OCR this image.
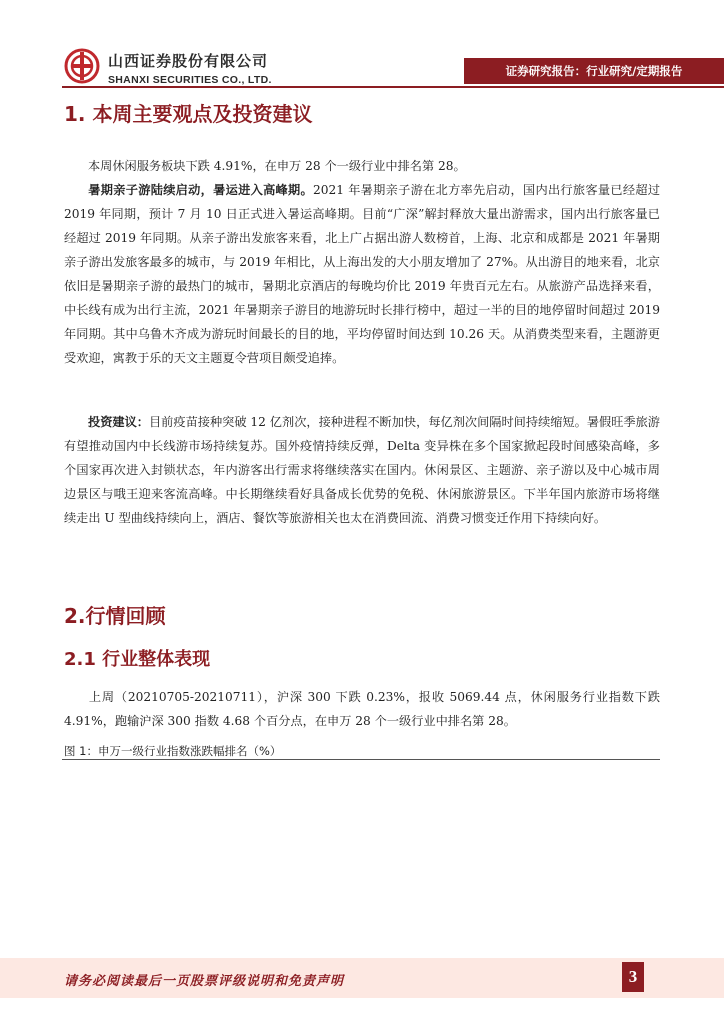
山西证券股份有限公司
SHANXI SECURITIES CO., LTD.
证券研究报告：行业研究/定期报告
1. 本周主要观点及投资建议
本周休闲服务板块下跌 4.91%，在申万 28 个一级行业中排名第 28。
暑期亲子游陆续启动，暑运进入高峰期。2021 年暑期亲子游在北方率先启动，国内出行旅客量已经超过 2019 年同期，预计 7 月 10 日正式进入暑运高峰期。目前“广深”解封释放大量出游需求，国内出行旅客量已经超过 2019 年同期。从亲子游出发旅客来看，北上广占据出游人数榜首，上海、北京和成都是 2021 年暑期亲子游出发旅客最多的城市，与 2019 年相比，从上海出发的大小朋友增加了 27%。从出游目的地来看，北京依旧是暑期亲子游的最热门的城市，暑期北京酒店的每晚均价比 2019 年贵百元左右。从旅游产品选择来看，中长线有成为出行主流，2021 年暑期亲子游目的地游玩时长排行榜中，超过一半的目的地停留时间超过 2019 年同期。其中乌鲁木齐成为游玩时间最长的目的地，平均停留时间达到 10.26 天。从消费类型来看，主题游更受欢迎，寓教于乐的天文主题夏令营项目颇受追捧。
投资建议：目前疫苗接种突破 12 亿剂次，接种进程不断加快，每亿剂次间隔时间持续缩短。暑假旺季旅游有望推动国内中长线游市场持续复苏。国外疫情持续反弹，Delta 变异株在多个国家掀起段时间感染高峰，多个国家再次进入封锁状态，年内游客出行需求将继续落实在国内。休闲景区、主题游、亲子游以及中心城市周边景区与哦王迎来客流高峰。中长期继续看好具备成长优势的免税、休闲旅游景区。下半年国内旅游市场将继续走出 U 型曲线持续向上，酒店、餐饮等旅游相关也太在消费回流、消费习惯变迁作用下持续向好。
2.行情回顾
2.1 行业整体表现
上周（20210705-20210711），沪深 300 下跌 0.23%，报收 5069.44 点，休闲服务行业指数下跌 4.91%，跑输沪深 300 指数 4.68 个百分点，在申万 28 个一级行业中排名第 28。
图 1：申万一级行业指数涨跌幅排名（%）
请务必阅读最后一页股票评级说明和免责声明	3
